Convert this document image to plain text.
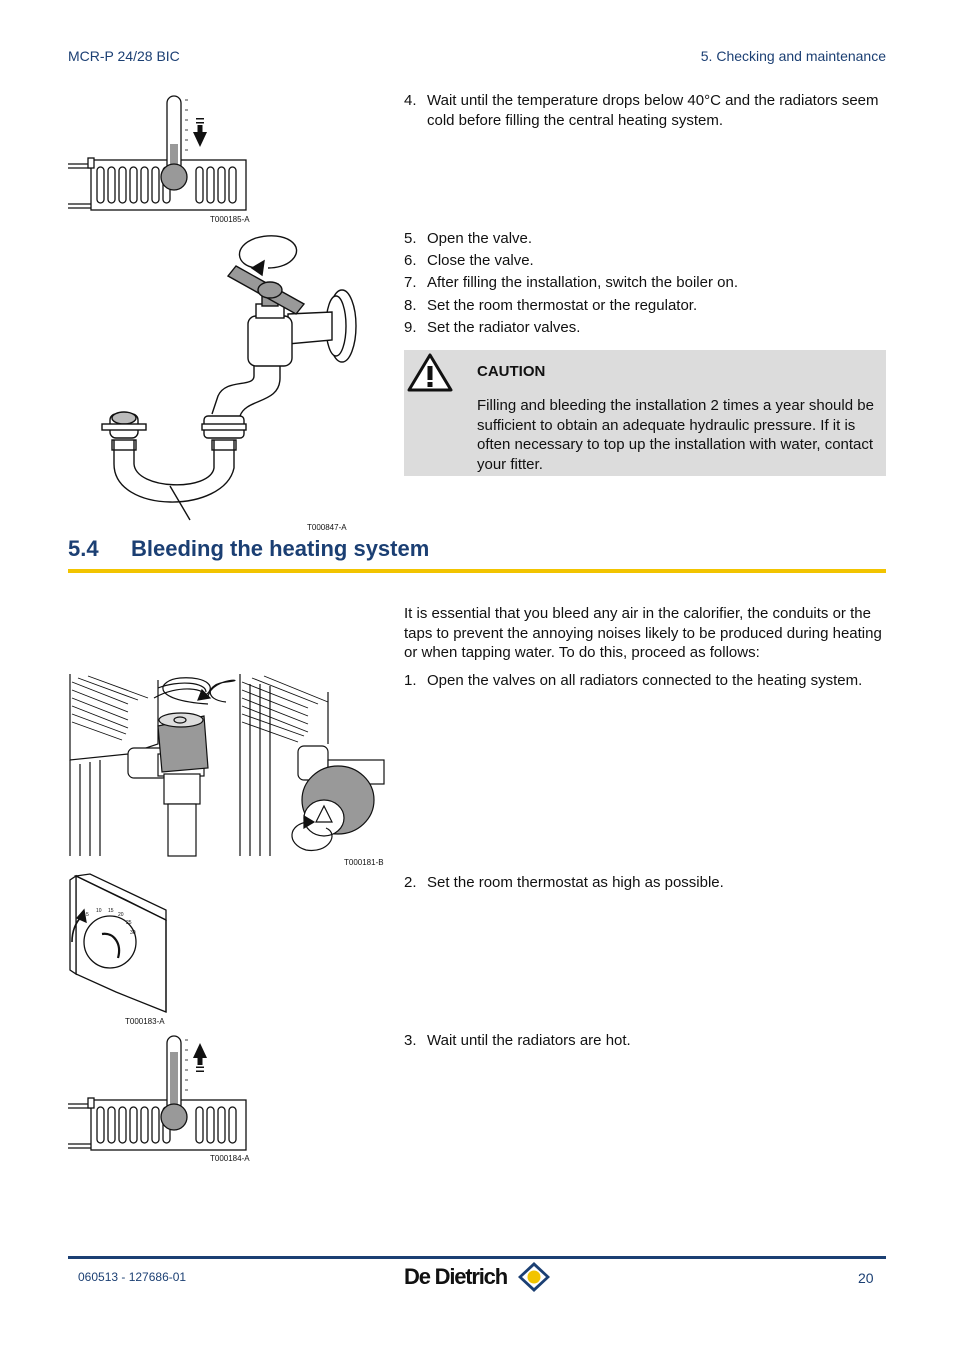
MCR-P 24/28 BIC	5. Checking and maintenance
T000185-A
T000847-A
4. Wait until the temperature drops below 40°C and the radiators seem cold before filling the central heating system.
5. Open the valve.
6. Close the valve.
7. After filling the installation, switch the boiler on.
8. Set the room thermostat or the regulator.
9. Set the radiator valves.
CAUTION
Filling and bleeding the installation 2 times a year should be sufficient to obtain an adequate hydraulic pressure. If it is often necessary to top up the installation with water, contact your fitter.
5.4 Bleeding the heating system
It is essential that you bleed any air in the calorifier, the conduits or the taps to prevent the annoying noises likely to be produced during heating or when tapping water. To do this, proceed as follows:
T000181-B
1. Open the valves on all radiators connected to the heating system.
2. Set the room thermostat as high as possible.
3. Wait until the radiators are hot.
5
10 15
20
25
30
T000183-A
T000184-A
060513 - 127686-01	De Dietrich	20
